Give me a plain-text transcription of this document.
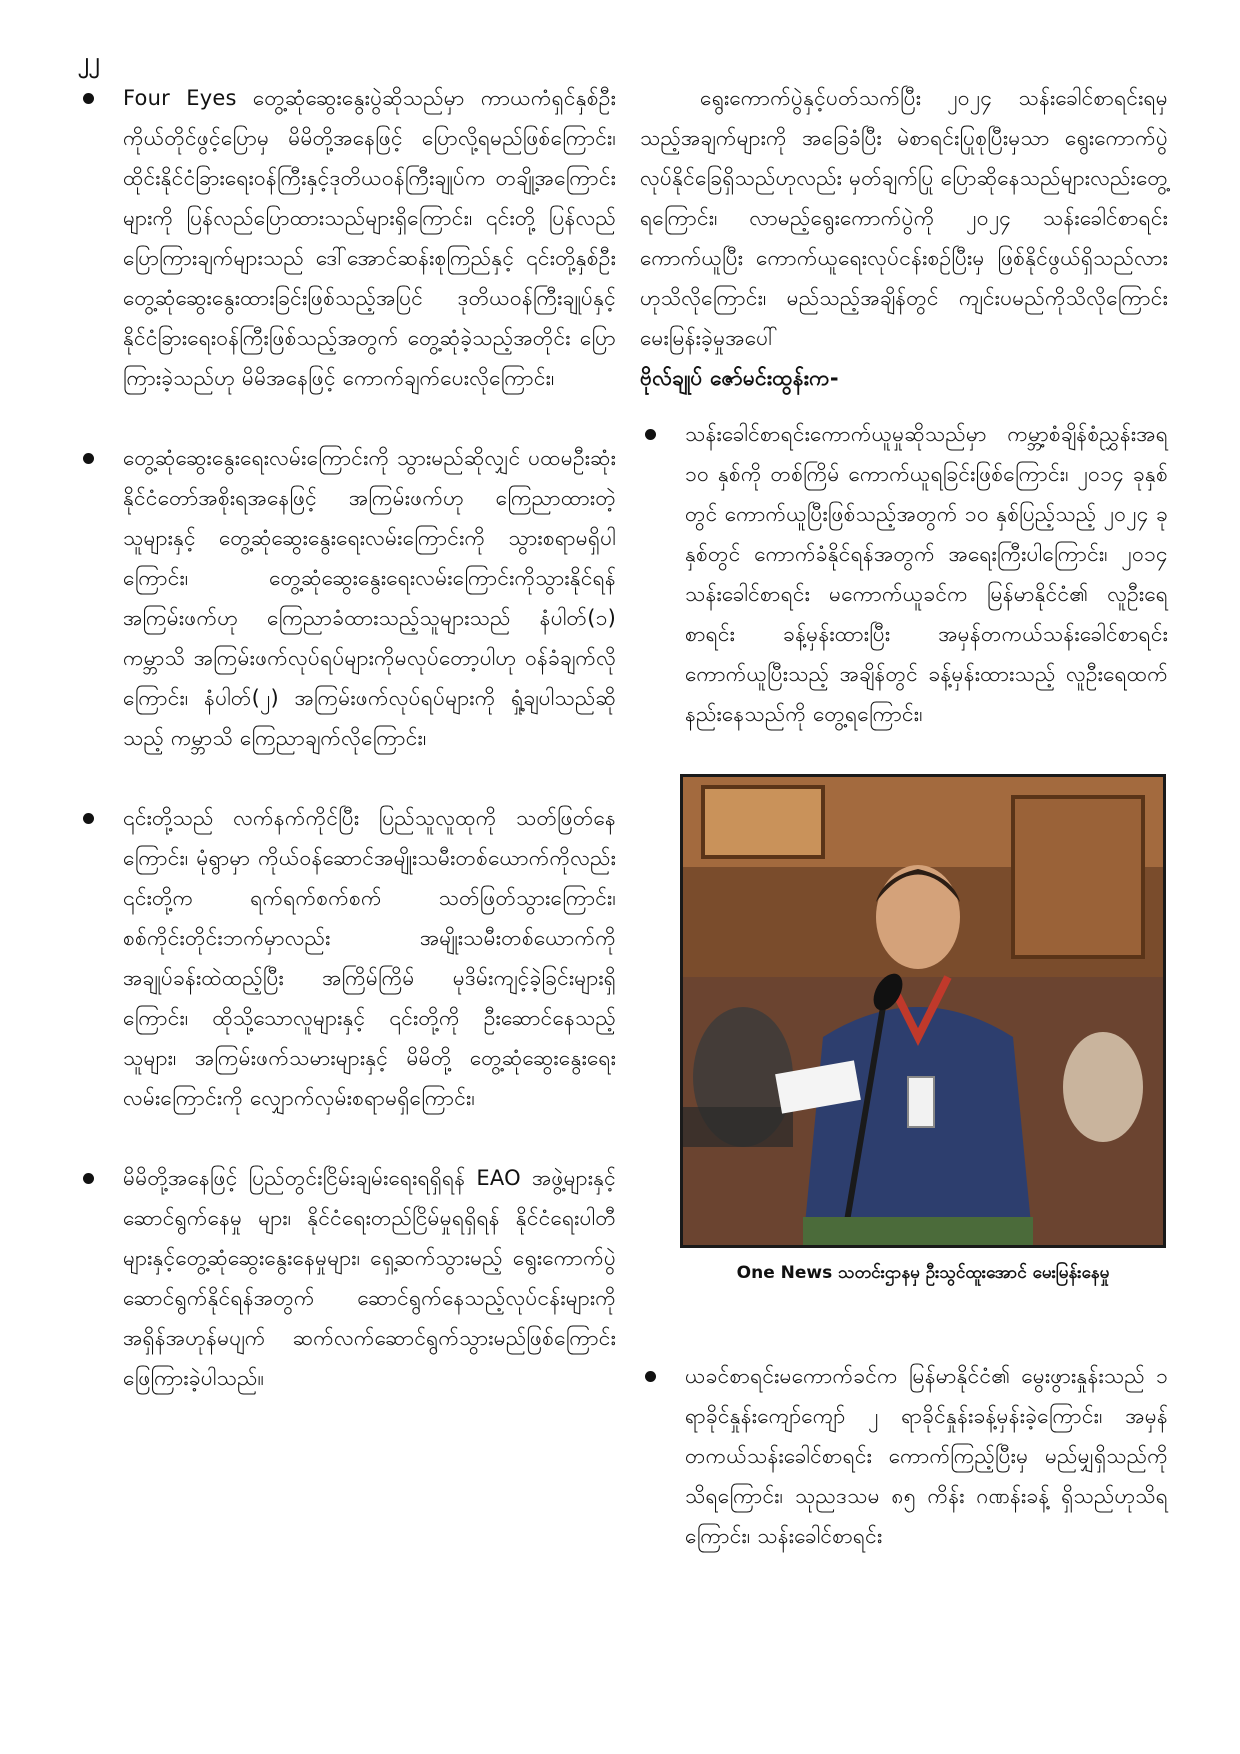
၂၂

Four Eyes တွေ့ဆုံဆွေးနွေးပွဲဆိုသည်မှာ ကာယကံရှင်နှစ်ဦး ကိုယ်တိုင်ဖွင့်ပြောမှ မိမိတို့အနေဖြင့် ပြောလို့ရမည်ဖြစ်ကြောင်း၊ ထိုင်းနိုင်ငံခြားရေးဝန်ကြီးနှင့်ဒုတိယဝန်ကြီးချုပ်က တချို့အကြောင်းများကို ပြန်လည်ပြောထားသည်များရှိကြောင်း၊ ၎င်းတို့ ပြန်လည်ပြောကြားချက်များသည် ဒေါ်အောင်ဆန်းစုကြည်နှင့် ၎င်းတို့နှစ်ဦး တွေ့ဆုံဆွေးနွေးထားခြင်းဖြစ်သည့်အပြင် ဒုတိယဝန်ကြီးချုပ်နှင့် နိုင်ငံခြားရေးဝန်ကြီးဖြစ်သည့်အတွက် တွေ့ဆုံခဲ့သည့်အတိုင်း ပြောကြားခဲ့သည်ဟု မိမိအနေဖြင့် ကောက်ချက်ပေးလိုကြောင်း၊

တွေ့ဆုံဆွေးနွေးရေးလမ်းကြောင်းကို သွားမည်ဆိုလျှင် ပထမဦးဆုံး နိုင်ငံတော်အစိုးရအနေဖြင့် အကြမ်းဖက်ဟု ကြေညာထားတဲ့သူများနှင့် တွေ့ဆုံဆွေးနွေးရေးလမ်းကြောင်းကို သွားစရာမရှိပါကြောင်း၊ တွေ့ဆုံဆွေးနွေးရေးလမ်းကြောင်းကိုသွားနိုင်ရန် အကြမ်းဖက်ဟု ကြေညာခံထားသည့်သူများသည် နံပါတ်(၁) ကမ္ဘာသိ အကြမ်းဖက်လုပ်ရပ်များကိုမလုပ်တော့ပါဟု ဝန်ခံချက်လိုကြောင်း၊ နံပါတ်(၂) အကြမ်းဖက်လုပ်ရပ်များကို ရှုံ့ချပါသည်ဆိုသည့် ကမ္ဘာသိ ကြေညာချက်လိုကြောင်း၊

၎င်းတို့သည် လက်နက်ကိုင်ပြီး ပြည်သူလူထုကို သတ်ဖြတ်နေကြောင်း၊ မုံရွာမှာ ကိုယ်ဝန်ဆောင်အမျိုးသမီးတစ်ယောက်ကိုလည်း ၎င်းတို့က ရက်ရက်စက်စက် သတ်ဖြတ်သွားကြောင်း၊ စစ်ကိုင်းတိုင်းဘက်မှာလည်း အမျိုးသမီးတစ်ယောက်ကို အချုပ်ခန်းထဲထည့်ပြီး အကြိမ်ကြိမ် မုဒိမ်းကျင့်ခဲ့ခြင်းများရှိကြောင်း၊ ထိုသို့သောလူများနှင့် ၎င်းတို့ကို ဦးဆောင်နေသည့်သူများ၊ အကြမ်းဖက်သမားများနှင့် မိမိတို့ တွေ့ဆုံဆွေးနွေးရေးလမ်းကြောင်းကို လျှောက်လှမ်းစရာမရှိကြောင်း၊

မိမိတို့အနေဖြင့် ပြည်တွင်းငြိမ်းချမ်းရေးရရှိရန် EAO အဖွဲ့များနှင့် ဆောင်ရွက်နေမှု များ၊ နိုင်ငံရေးတည်ငြိမ်မှုရရှိရန် နိုင်ငံရေးပါတီများနှင့်တွေ့ဆုံဆွေးနွေးနေမှုများ၊ ရှေ့ဆက်သွားမည့် ရွေးကောက်ပွဲဆောင်ရွက်နိုင်ရန်အတွက် ဆောင်ရွက်နေသည့်လုပ်ငန်းများကို အရှိန်အဟုန်မပျက် ဆက်လက်ဆောင်ရွက်သွားမည်ဖြစ်ကြောင်း ဖြေကြားခဲ့ပါသည်။

ရွေးကောက်ပွဲနှင့်ပတ်သက်ပြီး ၂၀၂၄ သန်းခေါင်စာရင်းရမှသည့်အချက်များကို အခြေခံပြီး မဲစာရင်းပြုစုပြီးမှသာ ရွေးကောက်ပွဲလုပ်နိုင်ခြေရှိသည်ဟုလည်း မှတ်ချက်ပြု ပြောဆိုနေသည်များလည်းတွေ့ရကြောင်း၊ လာမည့်ရွေးကောက်ပွဲကို ၂၀၂၄ သန်းခေါင်စာရင်းကောက်ယူပြီး ကောက်ယူရေးလုပ်ငန်းစဉ်ပြီးမှ ဖြစ်နိုင်ဖွယ်ရှိသည်လားဟုသိလိုကြောင်း၊ မည်သည့်အချိန်တွင် ကျင်းပမည်ကိုသိလိုကြောင်း မေးမြန်းခဲ့မှုအပေါ်
ဗိုလ်ချုပ် ဇော်မင်းထွန်းက-

သန်းခေါင်စာရင်းကောက်ယူမှုဆိုသည်မှာ ကမ္ဘာ့စံချိန်စံညွှန်းအရ ၁၀ နှစ်ကို တစ်ကြိမ် ကောက်ယူရခြင်းဖြစ်ကြောင်း၊ ၂၀၁၄ ခုနှစ်တွင် ကောက်ယူပြီးဖြစ်သည့်အတွက် ၁၀ နှစ်ပြည့်သည့် ၂၀၂၄ ခုနှစ်တွင် ကောက်ခံနိုင်ရန်အတွက် အရေးကြီးပါကြောင်း၊ ၂၀၁၄ သန်းခေါင်စာရင်း မကောက်ယူခင်က မြန်မာနိုင်ငံ၏ လူဦးရေစာရင်း ခန့်မှန်းထားပြီး အမှန်တကယ်သန်းခေါင်စာရင်း ကောက်ယူပြီးသည့် အချိန်တွင် ခန့်မှန်းထားသည့် လူဦးရေထက် နည်းနေသည်ကို တွေ့ရကြောင်း၊

One News သတင်းဌာနမှ ဦးသွင်ထူးအောင် မေးမြန်းနေမှု

ယခင်စာရင်းမကောက်ခင်က မြန်မာနိုင်ငံ၏ မွေးဖွားနှုန်းသည် ၁ ရာခိုင်နှုန်းကျော်ကျော် ၂ ရာခိုင်နှုန်းခန့်မှန်းခဲ့ကြောင်း၊ အမှန်တကယ်သန်းခေါင်စာရင်း ကောက်ကြည့်ပြီးမှ မည်မျှရှိသည်ကိုသိရကြောင်း၊ သုညဒသမ ၈၅ ကိန်း ဂဏန်းခန့် ရှိသည်ဟုသိရကြောင်း၊ သန်းခေါင်စာရင်း
